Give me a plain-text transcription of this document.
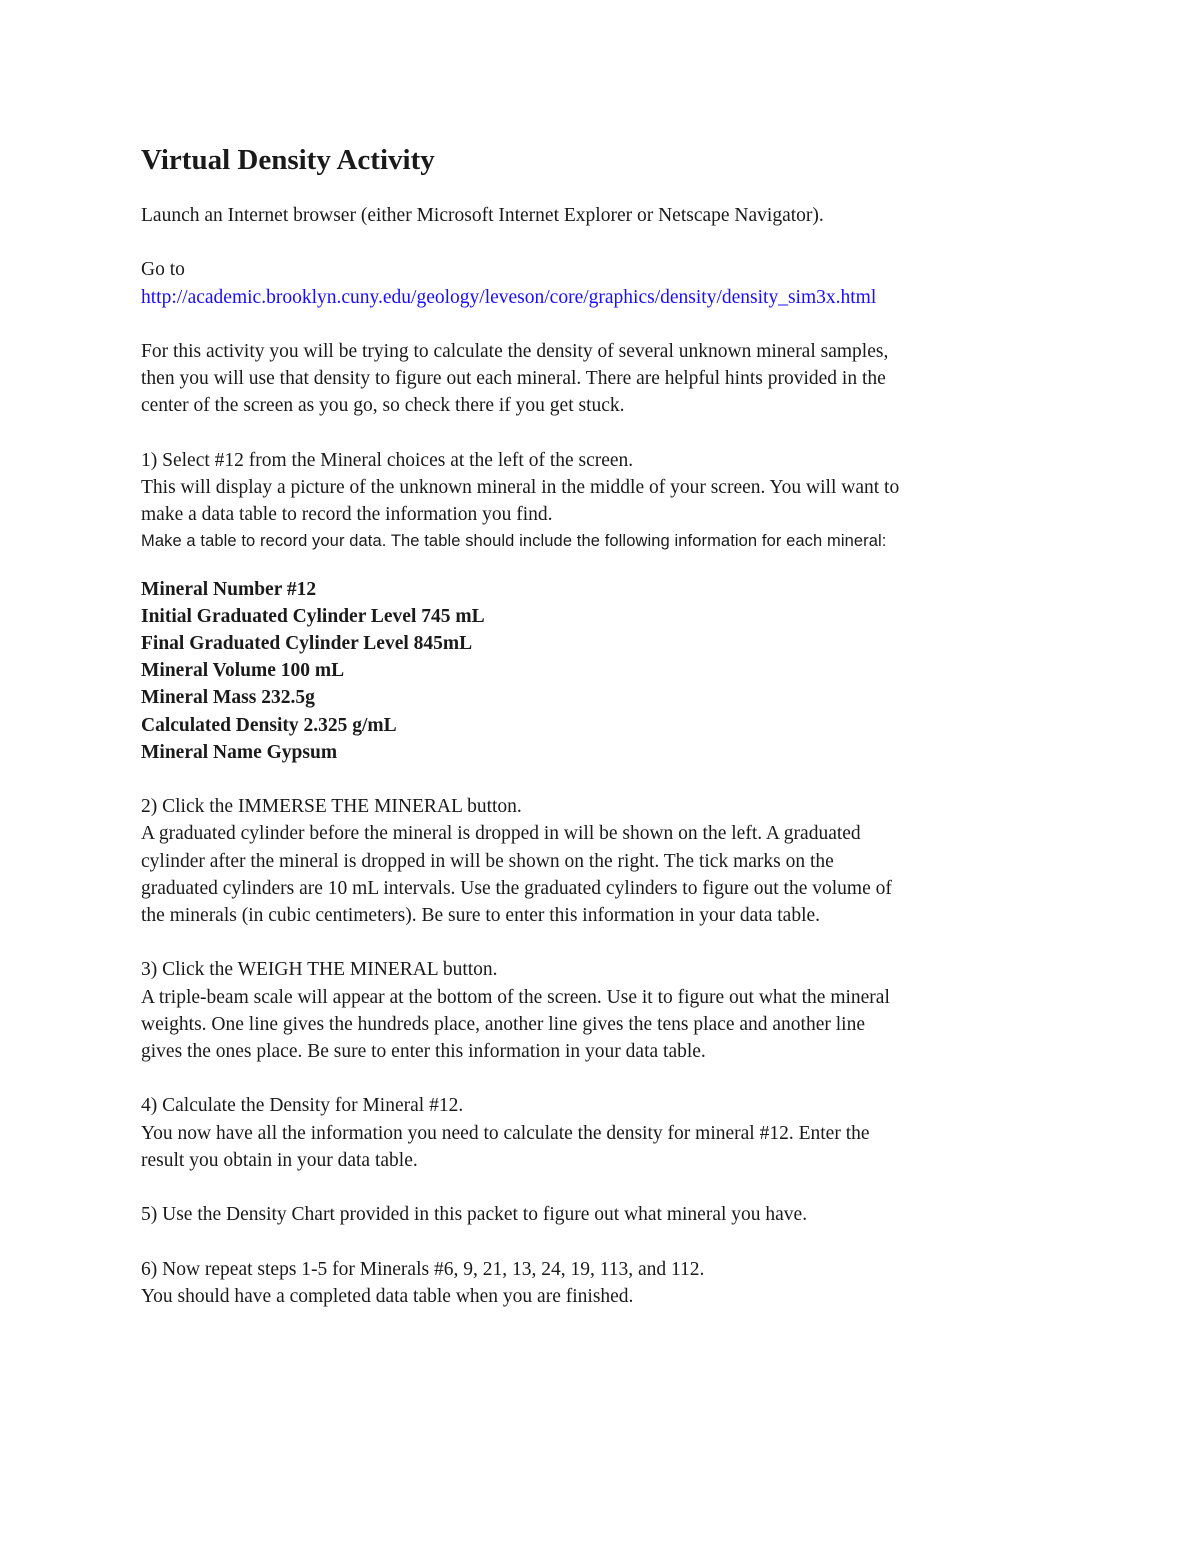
Virtual Density Activity

Launch an Internet browser (either Microsoft Internet Explorer or Netscape Navigator).

Go to
http://academic.brooklyn.cuny.edu/geology/leveson/core/graphics/density/density_sim3x.html

For this activity you will be trying to calculate the density of several unknown mineral samples,
then you will use that density to figure out each mineral. There are helpful hints provided in the
center of the screen as you go, so check there if you get stuck.

1) Select #12 from the Mineral choices at the left of the screen.
This will display a picture of the unknown mineral in the middle of your screen. You will want to
make a data table to record the information you find.
Make a table to record your data. The table should include the following information for each mineral:
Mineral Number #12
Initial Graduated Cylinder Level 745 mL
Final Graduated Cylinder Level 845mL
Mineral Volume 100 mL
Mineral Mass 232.5g
Calculated Density 2.325 g/mL
Mineral Name Gypsum

2) Click the IMMERSE THE MINERAL button.
A graduated cylinder before the mineral is dropped in will be shown on the left. A graduated
cylinder after the mineral is dropped in will be shown on the right. The tick marks on the
graduated cylinders are 10 mL intervals. Use the graduated cylinders to figure out the volume of
the minerals (in cubic centimeters). Be sure to enter this information in your data table.

3) Click the WEIGH THE MINERAL button.
A triple-beam scale will appear at the bottom of the screen. Use it to figure out what the mineral
weights. One line gives the hundreds place, another line gives the tens place and another line
gives the ones place. Be sure to enter this information in your data table.

4) Calculate the Density for Mineral #12.
You now have all the information you need to calculate the density for mineral #12. Enter the
result you obtain in your data table.

5) Use the Density Chart provided in this packet to figure out what mineral you have.

6) Now repeat steps 1-5 for Minerals #6, 9, 21, 13, 24, 19, 113, and 112.
You should have a completed data table when you are finished.
